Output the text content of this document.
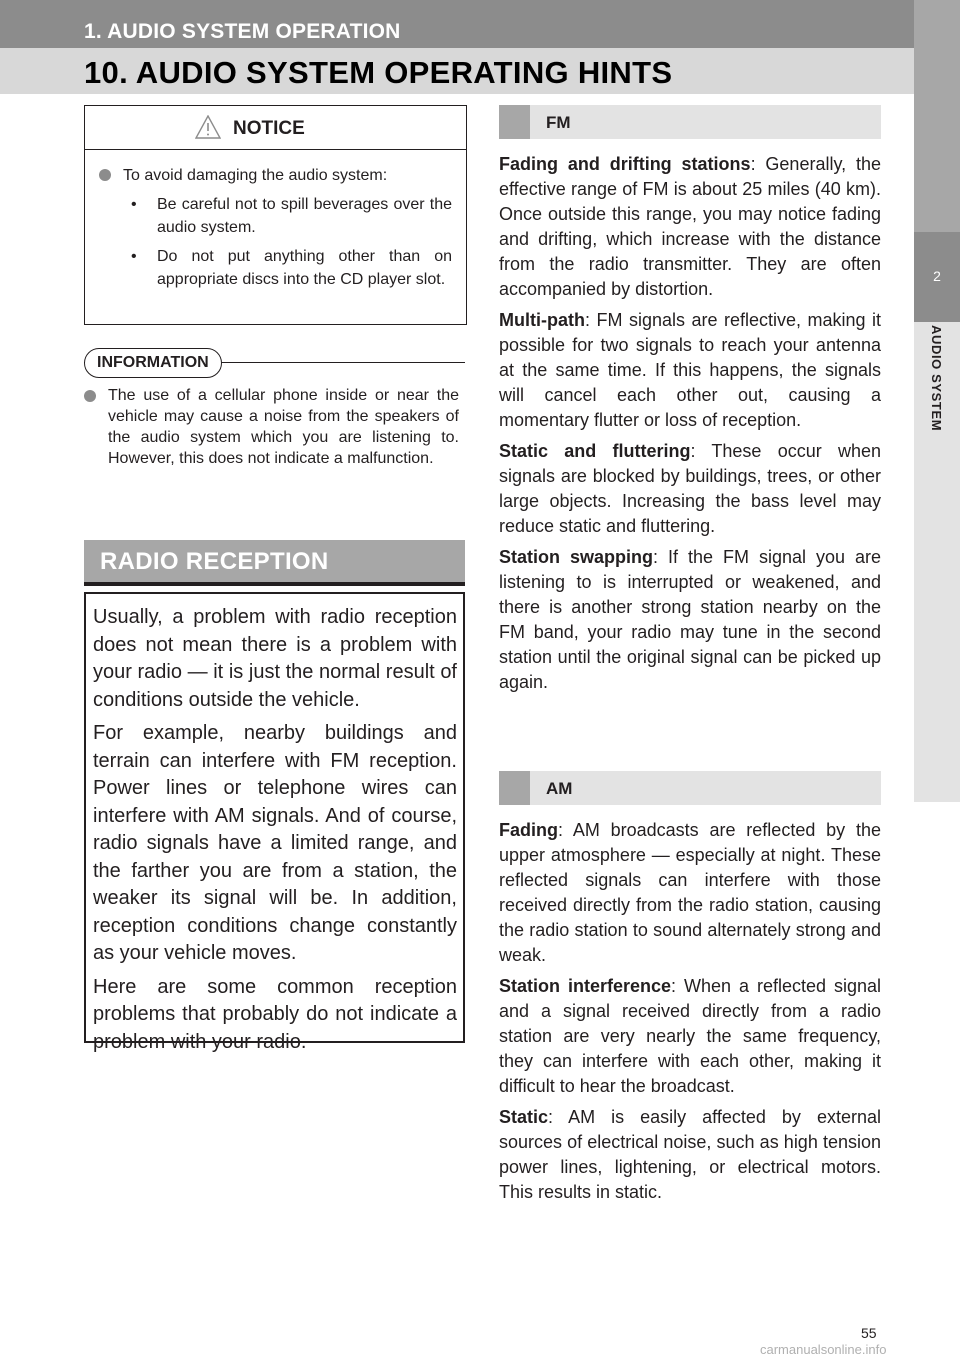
1. AUDIO SYSTEM OPERATION
10. AUDIO SYSTEM OPERATING HINTS
2
AUDIO SYSTEM
NOTICE
To avoid damaging the audio system:
• Be careful not to spill beverages over the audio system.
• Do not put anything other than on appropriate discs into the CD player slot.
INFORMATION
The use of a cellular phone inside or near the vehicle may cause a noise from the speakers of the audio system which you are listening to. However, this does not indicate a malfunction.
RADIO RECEPTION

Usually, a problem with radio reception does not mean there is a problem with your radio — it is just the normal result of conditions outside the vehicle.

For example, nearby buildings and terrain can interfere with FM reception. Power lines or telephone wires can interfere with AM signals. And of course, radio signals have a limited range, and the farther you are from a station, the weaker its signal will be. In addition, reception conditions change constantly as your vehicle moves.

Here are some common reception problems that probably do not indicate a problem with your radio.

FM

Fading and drifting stations: Generally, the effective range of FM is about 25 miles (40 km). Once outside this range, you may notice fading and drifting, which increase with the distance from the radio transmitter. They are often accompanied by distortion.

Multi-path: FM signals are reflective, making it possible for two signals to reach your antenna at the same time. If this happens, the signals will cancel each other out, causing a momentary flutter or loss of reception.

Static and fluttering: These occur when signals are blocked by buildings, trees, or other large objects. Increasing the bass level may reduce static and fluttering.

Station swapping: If the FM signal you are listening to is interrupted or weakened, and there is another strong station nearby on the FM band, your radio may tune in the second station until the original signal can be picked up again.

AM

Fading: AM broadcasts are reflected by the upper atmosphere — especially at night. These reflected signals can interfere with those received directly from the radio station, causing the radio station to sound alternately strong and weak.

Station interference: When a reflected signal and a signal received directly from a radio station are very nearly the same frequency, they can interfere with each other, making it difficult to hear the broadcast.

Static: AM is easily affected by external sources of electrical noise, such as high tension power lines, lightening, or electrical motors. This results in static.

55
carmanualsonline.info
